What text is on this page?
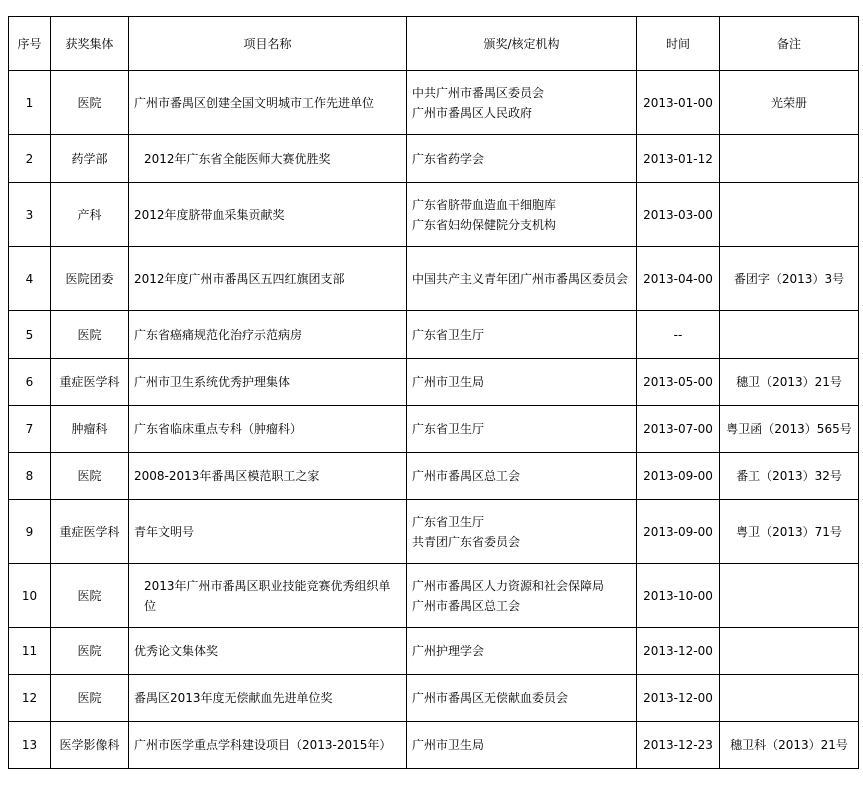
序号	获奖集体	项目名称	颁奖/核定机构	时间	备注
1	医院	广州市番禺区创建全国文明城市工作先进单位	中共广州市番禺区委员会
广州市番禺区人民政府	2013-01-00	光荣册
2	药学部	2012年广东省全能医师大赛优胜奖	广东省药学会	2013-01-12	
3	产科	2012年度脐带血采集贡献奖	广东省脐带血造血干细胞库
广东省妇幼保健院分支机构	2013-03-00	
4	医院团委	2012年度广州市番禺区五四红旗团支部	中国共产主义青年团广州市番禺区委员会	2013-04-00	番团字（2013）3号
5	医院	广东省癌痛规范化治疗示范病房	广东省卫生厅	--	
6	重症医学科	广州市卫生系统优秀护理集体	广州市卫生局	2013-05-00	穗卫（2013）21号
7	肿瘤科	广东省临床重点专科（肿瘤科）	广东省卫生厅	2013-07-00	粤卫函（2013）565号
8	医院	2008-2013年番禺区模范职工之家	广州市番禺区总工会	2013-09-00	番工（2013）32号
9	重症医学科	青年文明号	广东省卫生厅
共青团广东省委员会	2013-09-00	粤卫（2013）71号
10	医院	2013年广州市番禺区职业技能竞赛优秀组织单位	广州市番禺区人力资源和社会保障局
广州市番禺区总工会	2013-10-00	
11	医院	优秀论文集体奖	广州护理学会	2013-12-00	
12	医院	番禺区2013年度无偿献血先进单位奖	广州市番禺区无偿献血委员会	2013-12-00	
13	医学影像科	广州市医学重点学科建设项目（2013-2015年）	广州市卫生局	2013-12-23	穗卫科（2013）21号
